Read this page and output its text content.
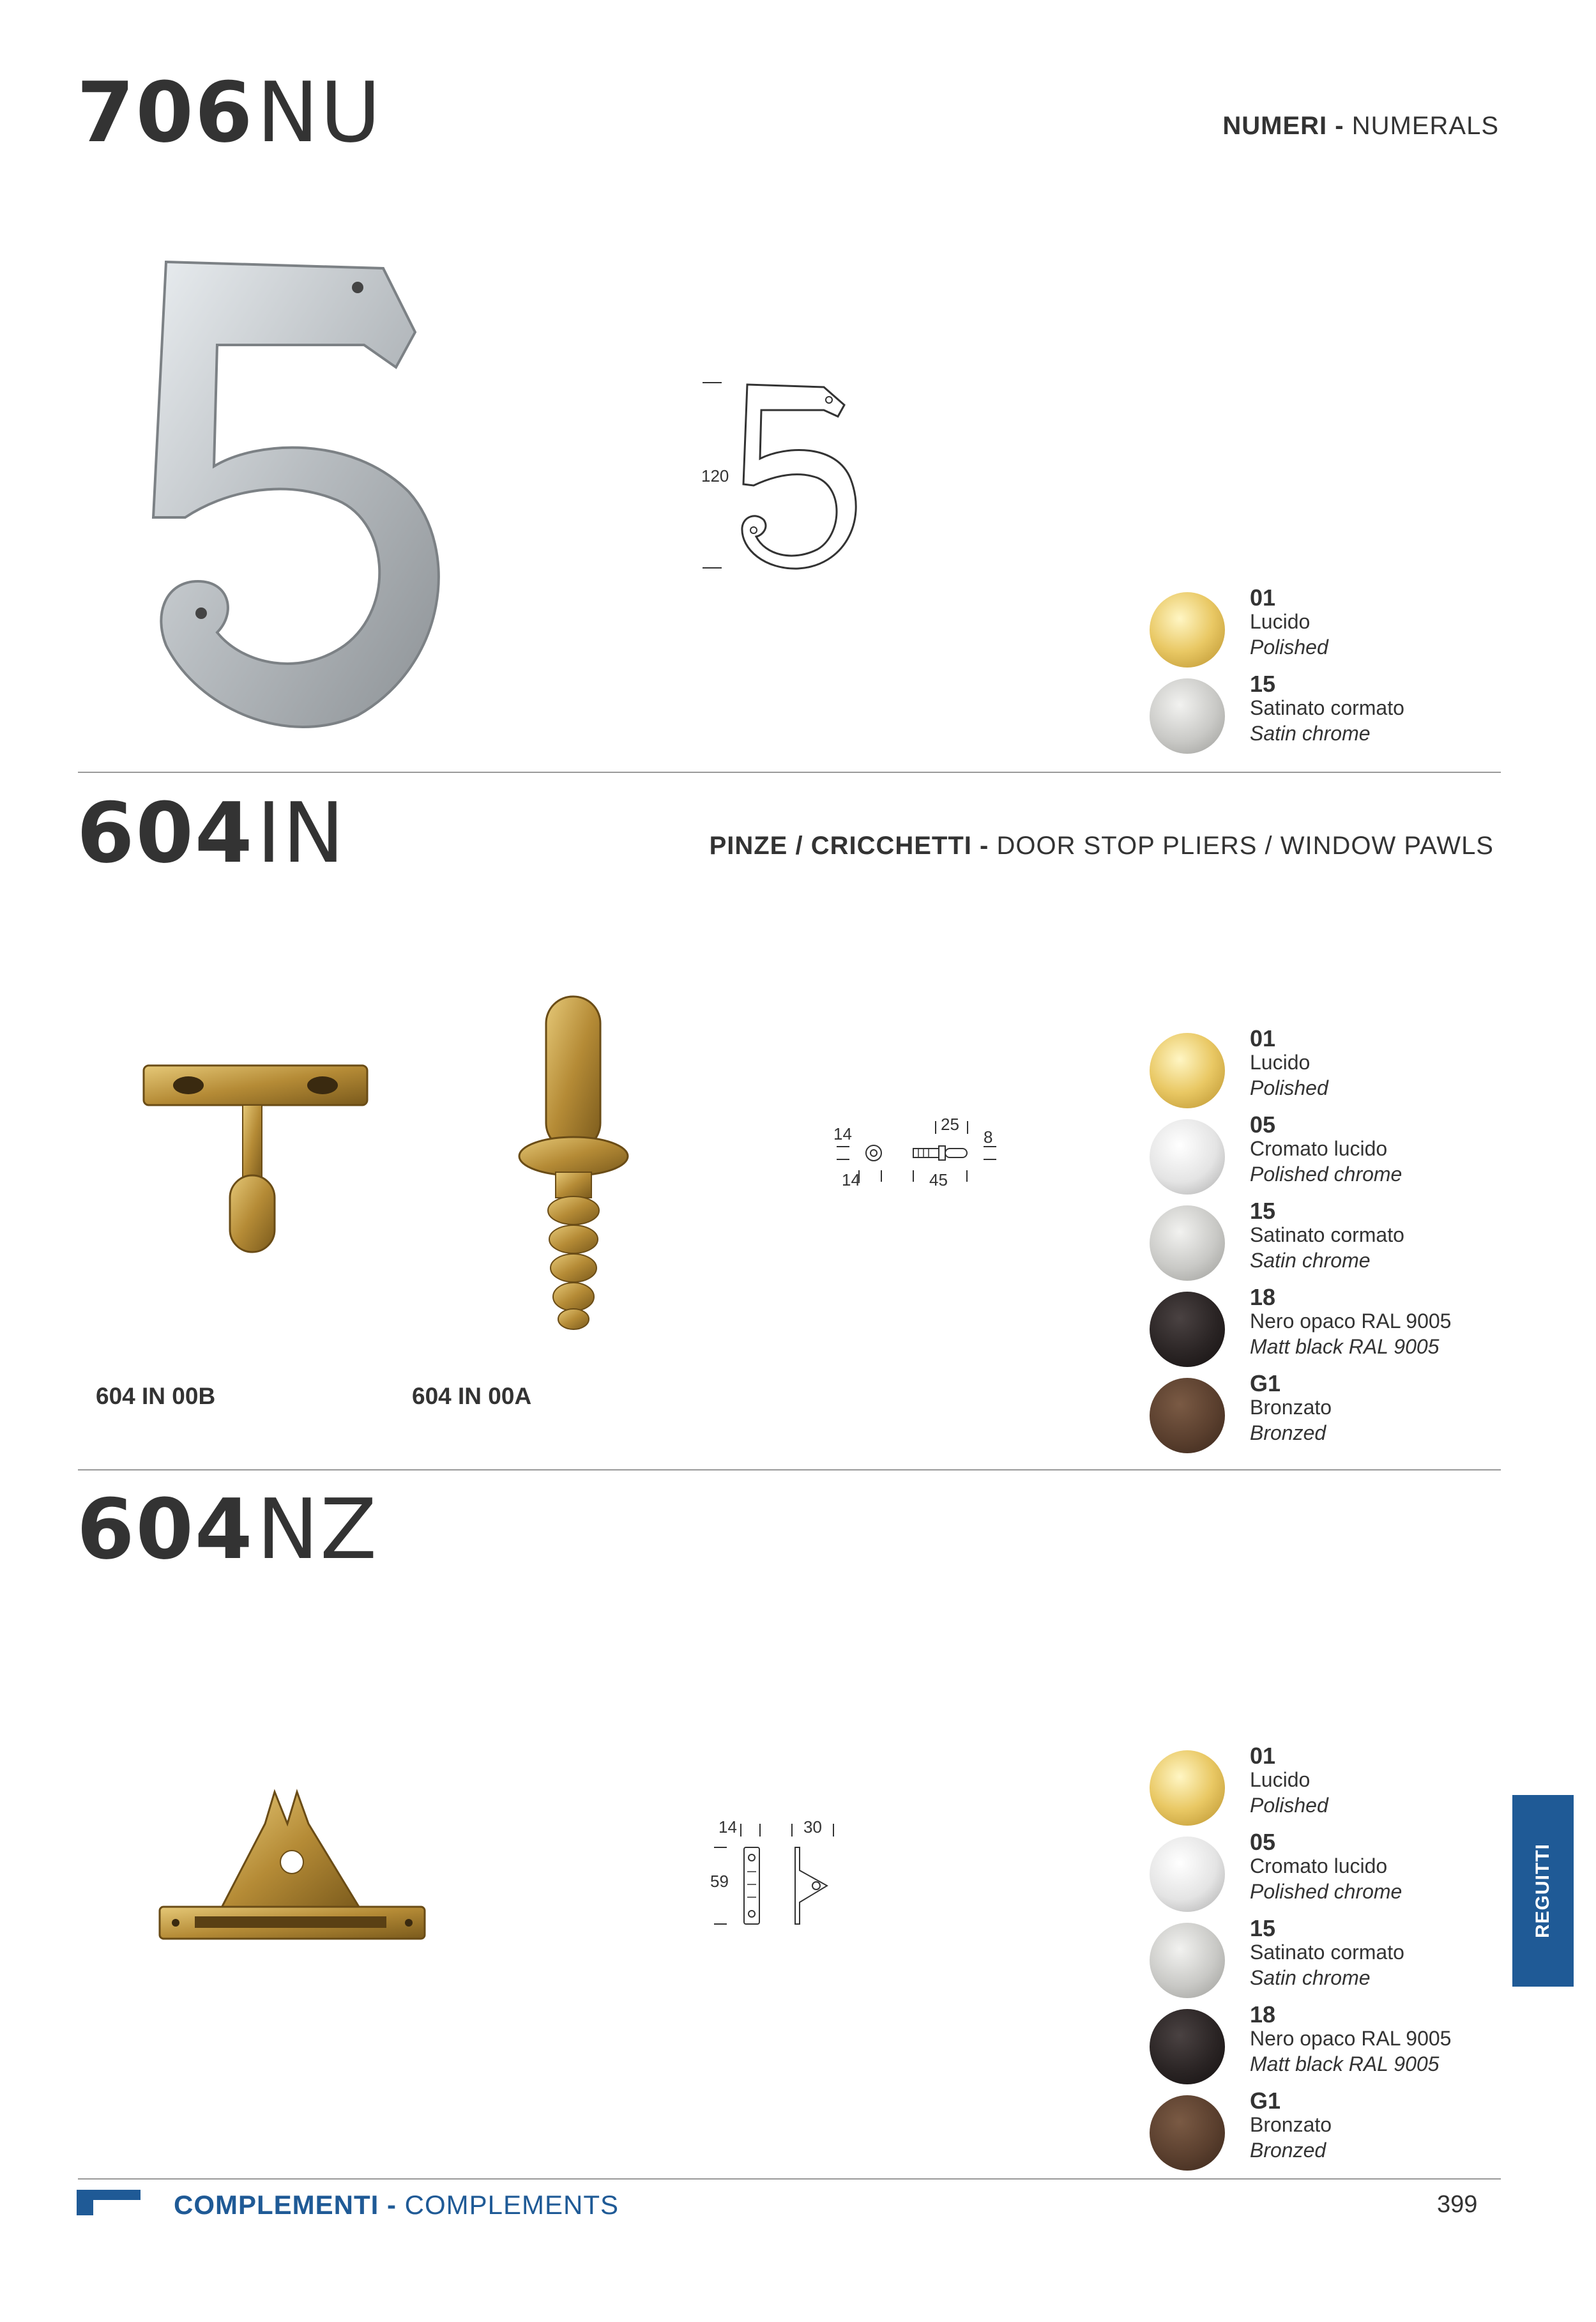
706 NU	NUMERI - NUMERALS
120
01
Lucido
Polished
15
Satinato cormato
Satin chrome
604 IN	PINZE / CRICCHETTI - DOOR STOP PLIERS / WINDOW PAWLS
604 IN 00B	604 IN 00A
14
14
25
8
45
01
Lucido
Polished
05
Cromato lucido
Polished chrome
15
Satinato cormato
Satin chrome
18
Nero opaco RAL 9005
Matt black RAL 9005
G1
Bronzato
Bronzed
604 NZ
14	30
59
01
Lucido
Polished
05
Cromato lucido
Polished chrome
15
Satinato cormato
Satin chrome
18
Nero opaco RAL 9005
Matt black RAL 9005
G1
Bronzato
Bronzed
REGUITTI
COMPLEMENTI - COMPLEMENTS	399
